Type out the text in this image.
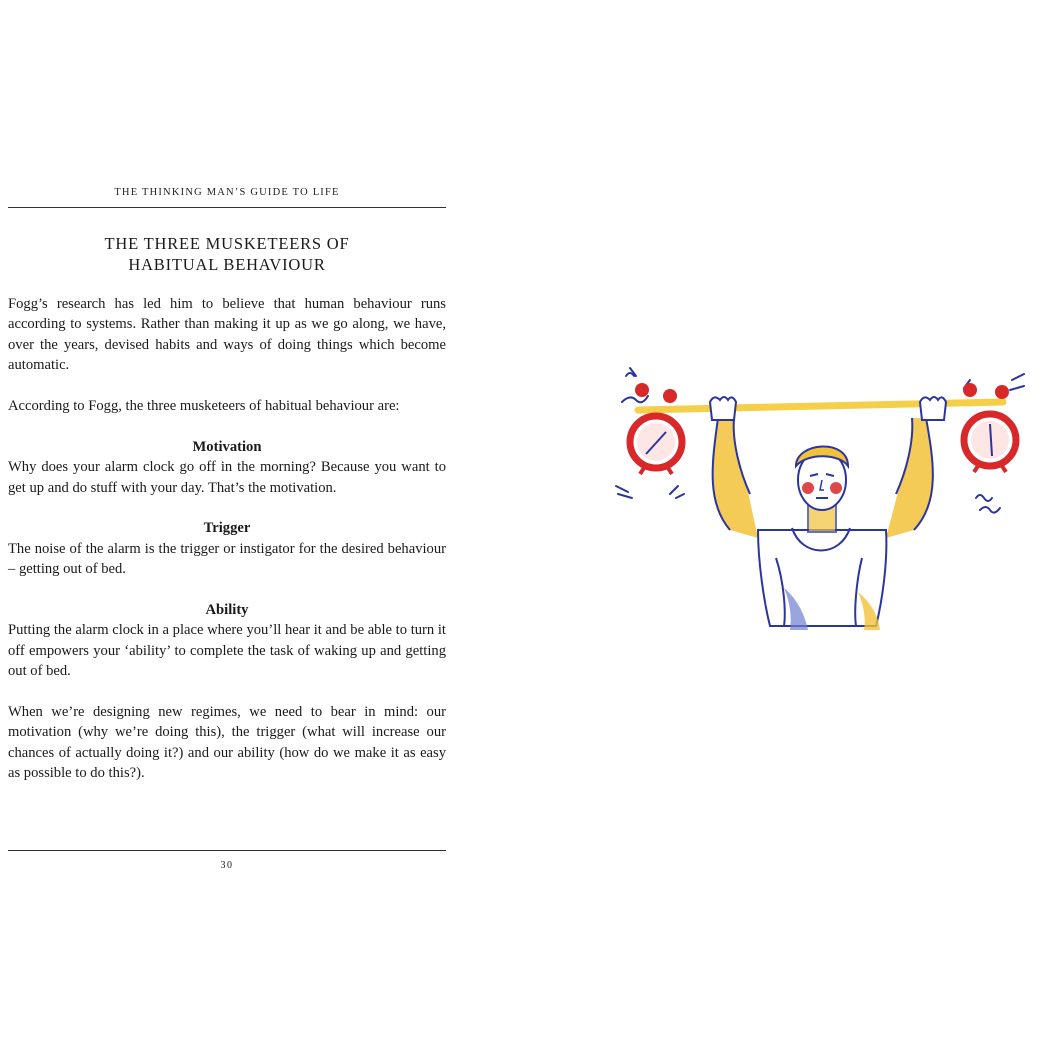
THE THINKING MAN’S GUIDE TO LIFE
THE THREE MUSKETEERS OF
HABITUAL BEHAVIOUR

Fogg’s research has led him to believe that human behaviour runs according to systems. Rather than making it up as we go along, we have, over the years, devised habits and ways of doing things which become automatic.

According to Fogg, the three musketeers of habitual behaviour are:

Motivation

Why does your alarm clock go off in the morning? Because you want to get up and do stuff with your day. That’s the motivation.

Trigger

The noise of the alarm is the trigger or instigator for the desired behaviour – getting out of bed.

Ability

Putting the alarm clock in a place where you’ll hear it and be able to turn it off empowers your ‘ability’ to complete the task of waking up and getting out of bed.

When we’re designing new regimes, we need to bear in mind: our motivation (why we’re doing this), the trigger (what will increase our chances of actually doing it?) and our ability (how do we make it as easy as possible to do this?).

30
